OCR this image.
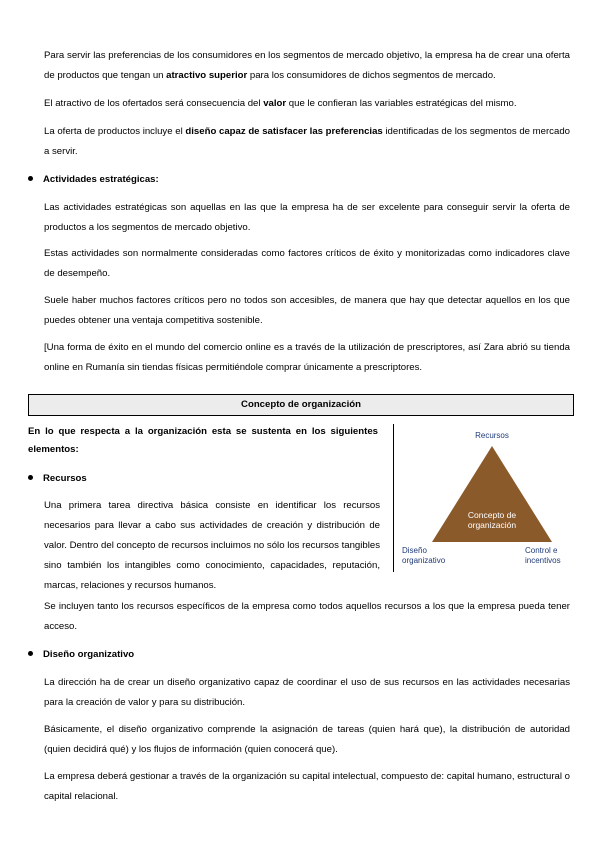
Para servir las preferencias de los consumidores en los segmentos de mercado objetivo, la empresa ha de crear una oferta de productos que tengan un atractivo superior para los consumidores de dichos segmentos de mercado.

El atractivo de los ofertados será consecuencia del valor que le confieran las variables estratégicas del mismo.

La oferta de productos incluye el diseño capaz de satisfacer las preferencias identificadas de los segmentos de mercado a servir.

Actividades estratégicas:

Las actividades estratégicas son aquellas en las que la empresa ha de ser excelente para conseguir servir la oferta de productos a los segmentos de mercado objetivo.

Estas actividades son normalmente consideradas como factores críticos de éxito y monitorizadas como indicadores clave de desempeño.

Suele haber muchos factores críticos pero no todos son accesibles, de manera que hay que detectar aquellos en los que puedes obtener una ventaja competitiva sostenible.

[Una forma de éxito en el mundo del comercio online es a través de la utilización de prescriptores, así Zara abrió su tienda online en Rumanía sin tiendas físicas permitiéndole comprar únicamente a prescriptores.

Concepto de organización

En lo que respecta a la organización esta se sustenta en los siguientes elementos:

Recursos

Una primera tarea directiva básica consiste en identificar los recursos necesarios para llevar a cabo sus actividades de creación y distribución de valor. Dentro del concepto de recursos incluimos no sólo los recursos tangibles sino también los intangibles como conocimiento, capacidades, reputación, marcas, relaciones y recursos humanos.

Recursos
Concepto de
organización
Diseño
organizativo
Control e
incentivos

Se incluyen tanto los recursos específicos de la empresa como todos aquellos recursos a los que la empresa pueda tener acceso.

Diseño organizativo

La dirección ha de crear un diseño organizativo capaz de coordinar el uso de sus recursos en las actividades necesarias para la creación de valor y para su distribución.

Básicamente, el diseño organizativo comprende la asignación de tareas (quien hará que), la distribución de autoridad (quien decidirá qué) y los flujos de información (quien conocerá que).

La empresa deberá gestionar a través de la organización su capital intelectual, compuesto de: capital humano, estructural o capital relacional.
